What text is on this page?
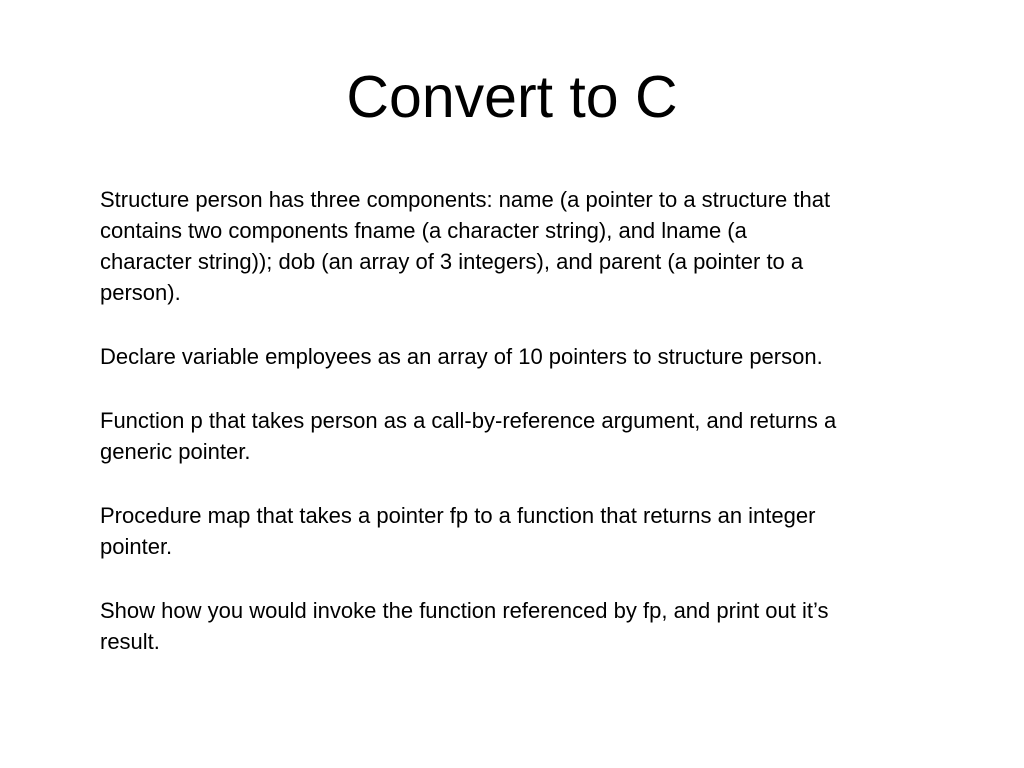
Convert to C

Structure person has three components: name (a pointer to a structure that
contains two components fname (a character string), and lname (a
character string)); dob (an array of 3 integers), and parent (a pointer to a
person).

Declare variable employees as an array of 10 pointers to structure person.

Function p that takes person as a call-by-reference argument, and returns a
generic pointer.

Procedure map that takes a pointer fp to a function that returns an integer
pointer.

Show how you would invoke the function referenced by fp, and print out it’s
result.
